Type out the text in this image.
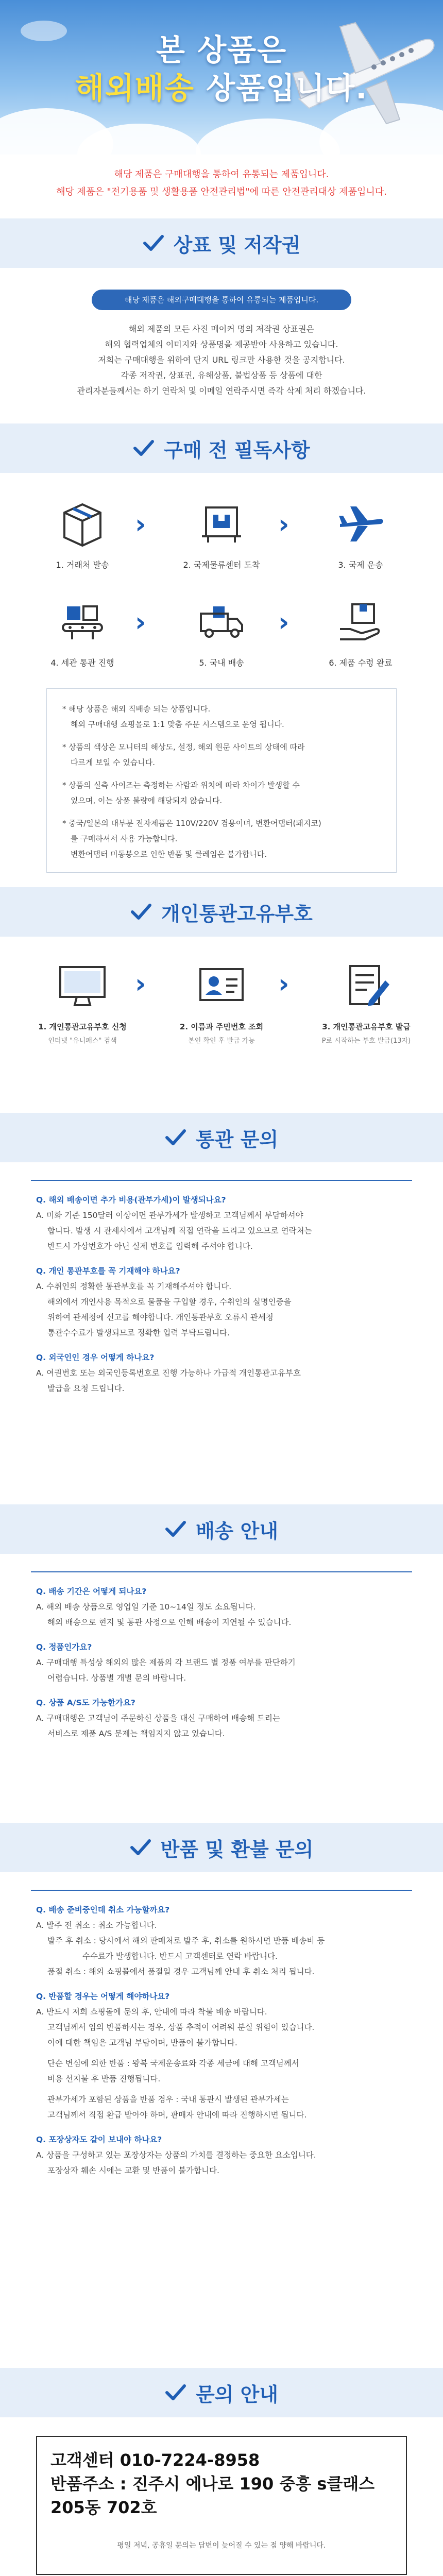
본 상품은
해외배송 상품입니다.
해당 제품은 구매대행을 통하여 유통되는 제품입니다.
해당 제품은 "전기용품 및 생활용품 안전관리법"에 따른 안전관리대상 제품입니다.
상표 및 저작권
해당 제품은 해외구매대행을 통하여 유통되는 제품입니다.
해외 제품의 모든 사진 메이커 명의 저작권 상표권은
해외 협력업체의 이미지와 상품명을 제공받아 사용하고 있습니다.
저희는 구매대행을 위하여 단지 URL 링크만 사용한 것을 공지합니다.
각종 저작권, 상표권, 유해상품, 불법상품 등 상품에 대한
관리자분들께서는 하기 연락처 및 이메일 연락주시면 즉각 삭제 처리 하겠습니다.
구매 전 필독사항
1. 거래처 발송
›
2. 국제물류센터 도착
›
3. 국제 운송
4. 세관 통관 진행
›
5. 국내 배송
›
6. 제품 수령 완료

* 해당 상품은 해외 직배송 되는 상품입니다.
해외 구매대행 쇼핑몰로 1:1 맞춤 주문 시스템으로 운영 됩니다.

* 상품의 색상은 모니터의 해상도, 설정, 해외 원문 사이트의 상태에 따라
다르게 보일 수 있습니다.

* 상품의 실측 사이즈는 측정하는 사람과 위치에 따라 차이가 발생할 수
있으며, 이는 상품 불량에 해당되지 않습니다.

* 중국/일본의 대부분 전자제품은 110V/220V 겸용이며, 변환어댑터(돼지코)
를 구매하셔서 사용 가능합니다.
변환어댑터 미동봉으로 인한 반품 및 클레임은 불가합니다.

개인통관고유부호
1. 개인통관고유부호 신청
인터넷 "유니패스" 검색
›
2. 이름과 주민번호 조회
본인 확인 후 발급 가능
›
3. 개인통관고유부호 발급
P로 시작하는 부호 발급(13자)
통관 문의
Q. 해외 배송이면 추가 비용(관부가세)이 발생되나요?
A. 미화 기준 150달러 이상이면 관부가세가 발생하고 고객님께서 부담하셔야
합니다. 발생 시 관세사에서 고객님께 직접 연락을 드리고 있으므로 연락처는
반드시 가상번호가 아닌 실제 번호를 입력해 주셔야 합니다.
Q. 개인 통관부호를 꼭 기재해야 하나요?
A. 수취인의 정확한 통관부호를 꼭 기재해주셔야 합니다.
해외에서 개인사용 목적으로 물품을 구입할 경우, 수취인의 실명인증을
위하여 관세청에 신고를 해야합니다. 개인통관부호 오류시 관세청
통관수수료가 발생되므로 정확한 입력 부탁드립니다.
Q. 외국인인 경우 어떻게 하나요?
A. 여권번호 또는 외국인등록번호로 진행 가능하나 가급적 개인통관고유부호
발급을 요청 드립니다.
배송 안내
Q. 배송 기간은 어떻게 되나요?
A. 해외 배송 상품으로 영업일 기준 10~14일 정도 소요됩니다.
해외 배송으로 현지 및 통관 사정으로 인해 배송이 지연될 수 있습니다.
Q. 정품인가요?
A. 구매대행 특성상 해외의 많은 제품의 각 브랜드 별 정품 여부를 판단하기
어렵습니다. 상품별 개별 문의 바랍니다.
Q. 상품 A/S도 가능한가요?
A. 구매대행은 고객님이 주문하신 상품을 대신 구매하여 배송해 드리는
서비스로 제품 A/S 문제는 책임지지 않고 있습니다.
반품 및 환불 문의
Q. 배송 준비중인데 취소 가능할까요?
A. 발주 전 취소 : 취소 가능합니다.
발주 후 취소 : 당사에서 해외 판매처로 발주 후, 취소를 원하시면 반품 배송비 등
수수료가 발생합니다. 반드시 고객센터로 연락 바랍니다.
품절 취소 : 해외 쇼핑몰에서 품절일 경우 고객님께 안내 후 취소 처리 됩니다.
Q. 반품할 경우는 어떻게 해야하나요?
A. 반드시 저희 쇼핑몰에 문의 후, 안내에 따라 착불 배송 바랍니다.
고객님께서 임의 반품하시는 경우, 상품 추적이 어려워 분실 위험이 있습니다.
이에 대한 책임은 고객님 부담이며, 반품이 불가합니다.
단순 변심에 의한 반품 : 왕복 국제운송료와 각종 세금에 대해 고객님께서
비용 선지불 후 반품 진행됩니다.
관부가세가 포함된 상품을 반품 경우 : 국내 통관시 발생된 관부가세는
고객님께서 직접 환급 받아야 하며, 판매자 안내에 따라 진행하시면 됩니다.
Q. 포장상자도 같이 보내야 하나요?
A. 상품을 구성하고 있는 포장상자는 상품의 가치를 결정하는 중요한 요소입니다.
포장상자 훼손 시에는 교환 및 반품이 불가합니다.
문의 안내
고객센터 010-7224-8958
반품주소 : 진주시 에나로 190 중흥 s클래스
205동 702호
평일 저녁, 공휴일 문의는 답변이 늦어질 수 있는 점 양해 바랍니다.
